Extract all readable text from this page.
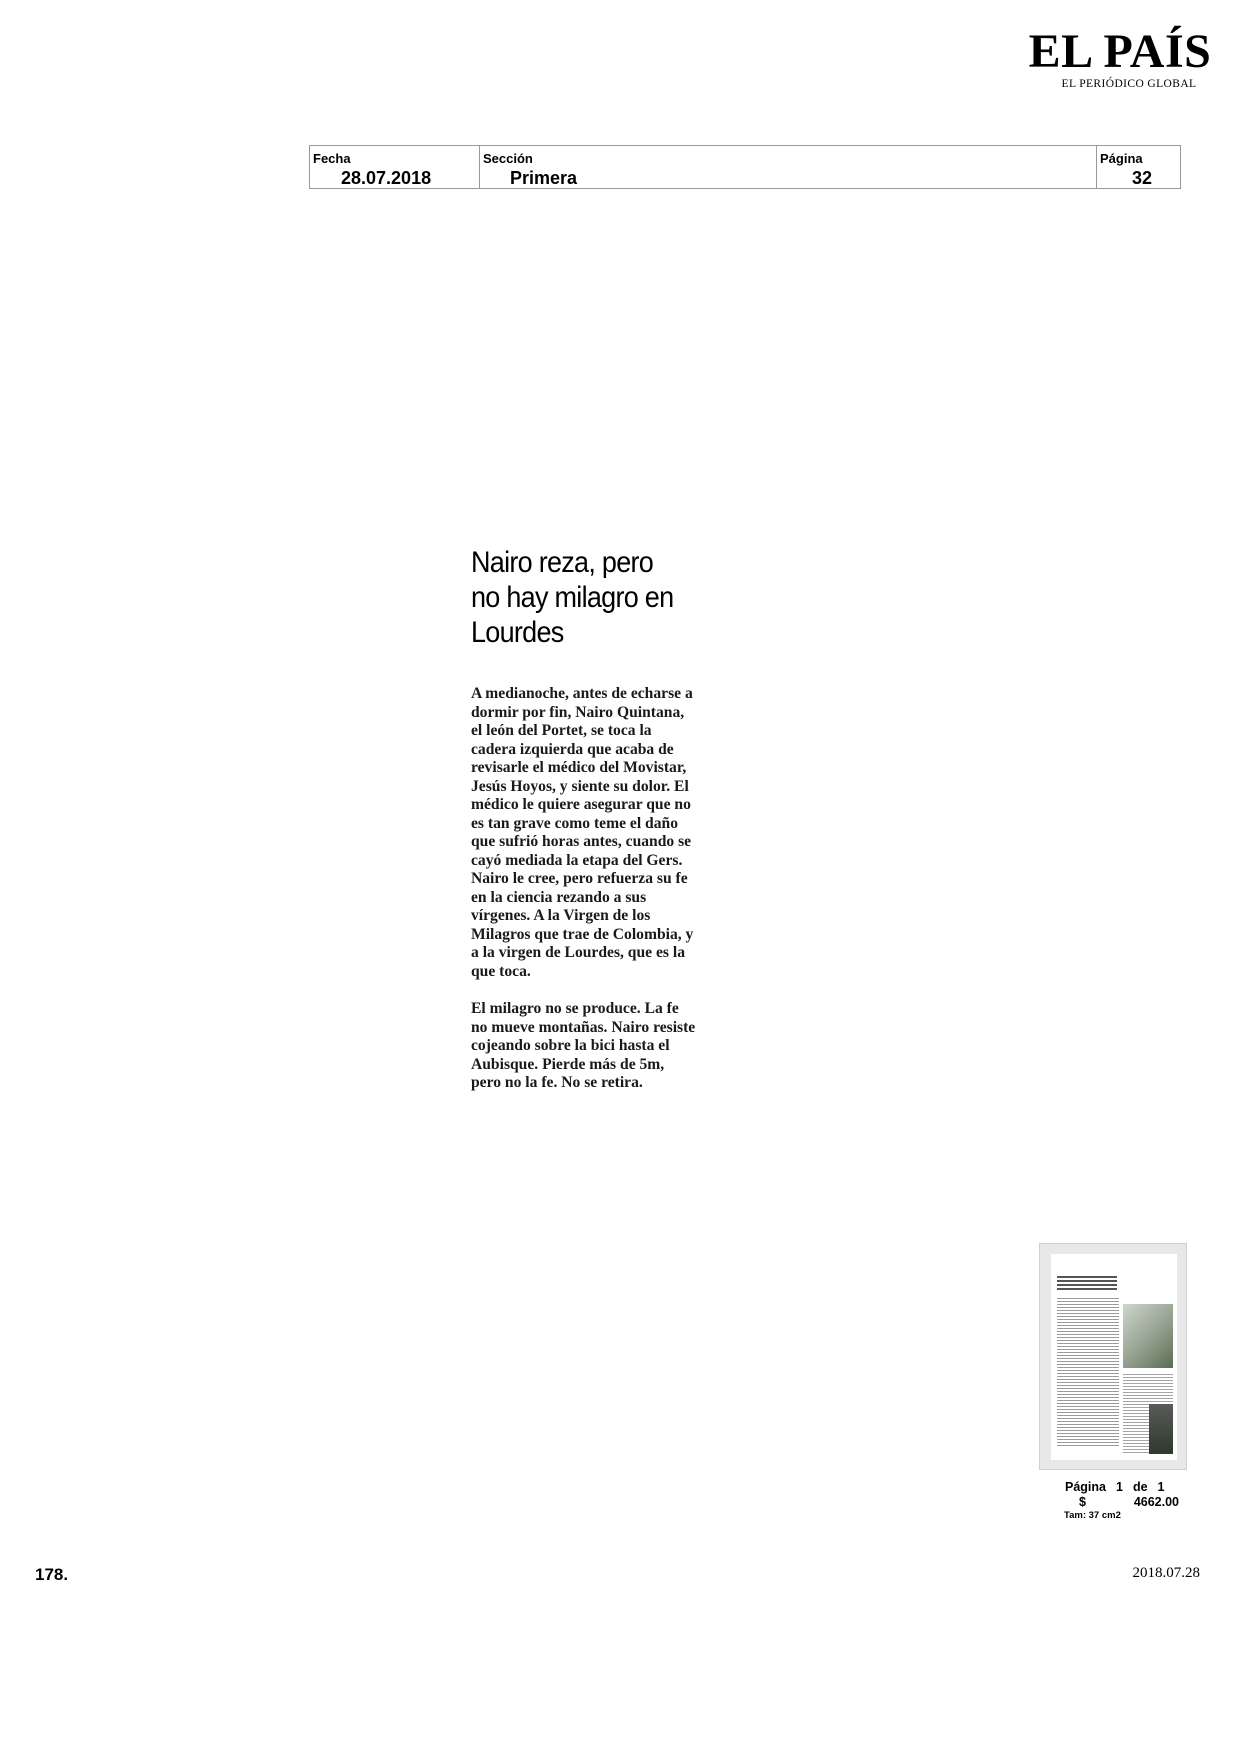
EL PAÍS
EL PERIÓDICO GLOBAL
Fecha
28.07.2018
Sección
Primera
Página
32
Nairo reza, pero no hay milagro en Lourdes

A medianoche, antes de echarse a dormir por fin, Nairo Quintana, el león del Portet, se toca la cadera izquierda que acaba de revisarle el médico del Movistar, Jesús Hoyos, y siente su dolor. El médico le quiere asegurar que no es tan grave como teme el daño que sufrió horas antes, cuando se cayó mediada la etapa del Gers. Nairo le cree, pero refuerza su fe en la ciencia rezando a sus vírgenes. A la Virgen de los Milagros que trae de Colombia, y a la virgen de Lourdes, que es la que toca.

El milagro no se produce. La fe no mueve montañas. Nairo resiste cojeando sobre la bici hasta el Aubisque. Pierde más de 5m, pero no la fe. No se retira.

Página 1 de 1
$	4662.00
Tam: 37 cm2
178.	2018.07.28
